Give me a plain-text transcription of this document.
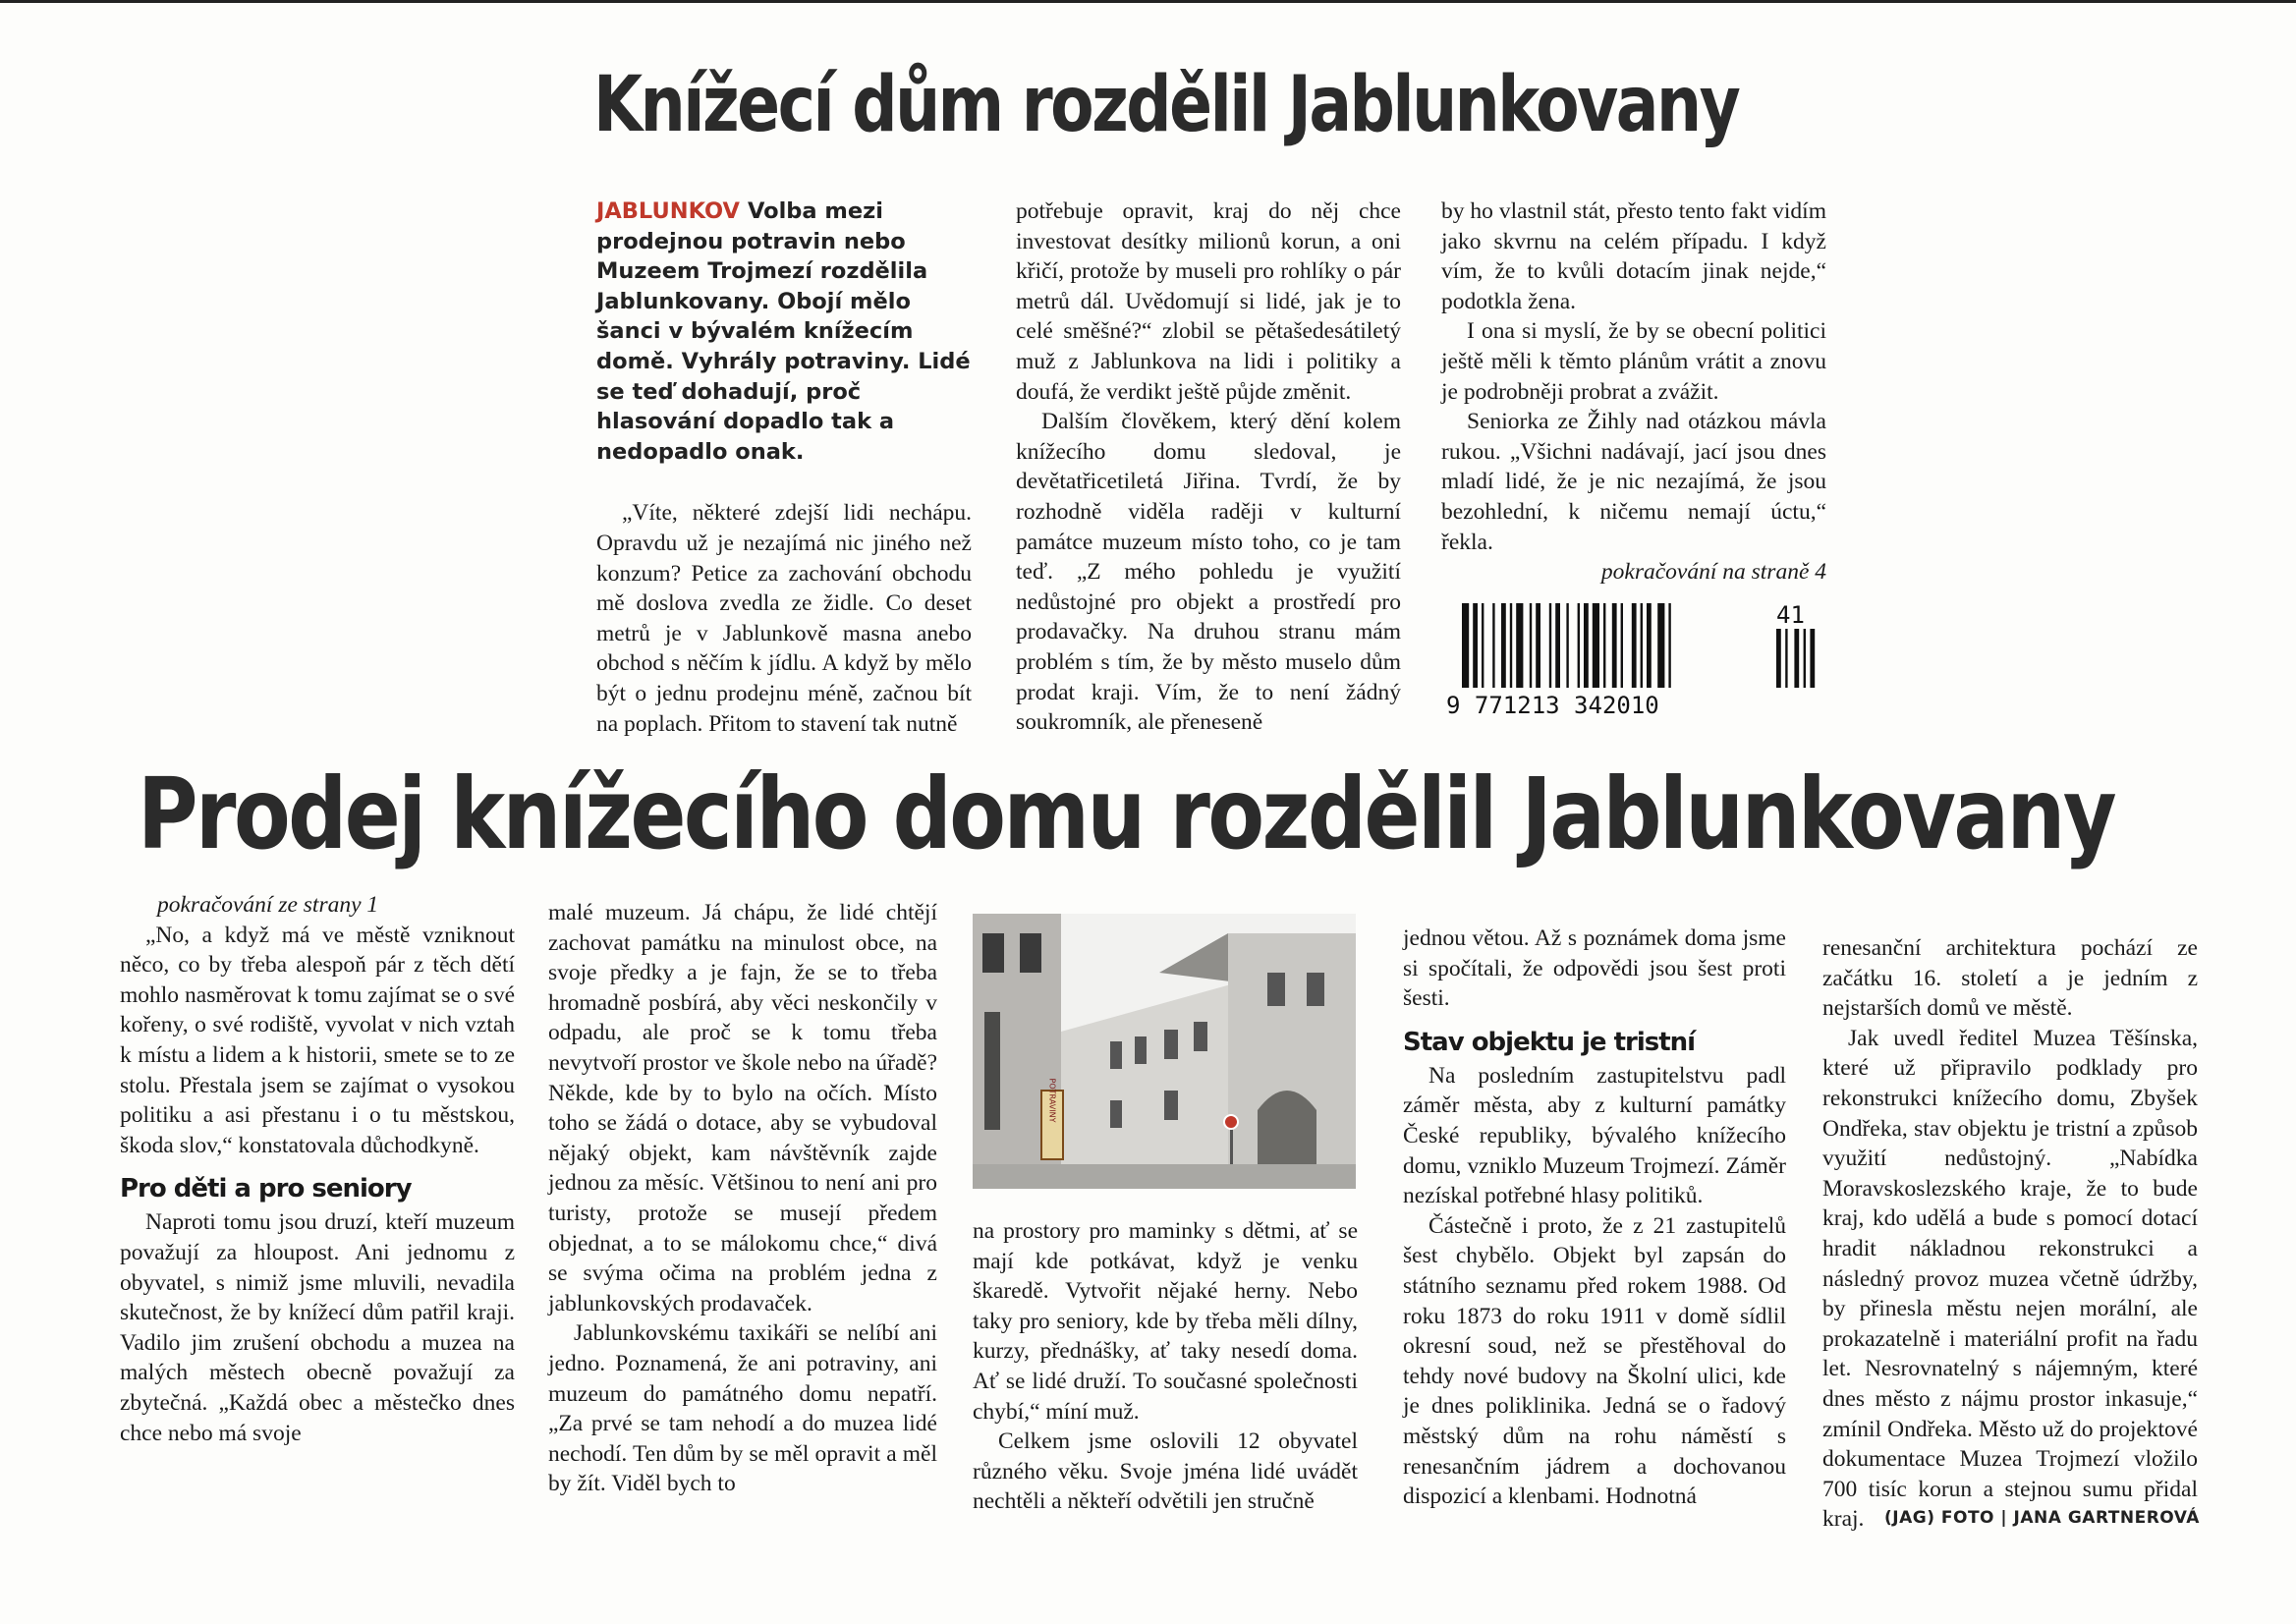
Knížecí dům rozdělil Jablunkovany
JABLUNKOV Volba mezi prodejnou potravin nebo Muzeem Trojmezí rozdělila Jablunkovany. Obojí mělo šanci v bývalém knížecím domě. Vyhrály potraviny. Lidé se teď dohadují, proč hlasování dopadlo tak a nedopadlo onak.

„Víte, některé zdejší lidi nechápu. Opravdu už je nezajímá nic jiného než konzum? Petice za zachování obchodu mě doslova zvedla ze židle. Co deset metrů je v Jablunkově masna anebo obchod s něčím k jídlu. A když by mělo být o jednu prodejnu méně, začnou bít na poplach. Přitom to stavení tak nutně

potřebuje opravit, kraj do něj chce investovat desítky milionů korun, a oni křičí, protože by museli pro rohlíky o pár metrů dál. Uvědomují si lidé, jak je to celé směšné?“ zlobil se pětašedesátiletý muž z Jablunkova na lidi i politiky a doufá, že verdikt ještě půjde změnit.

Dalším člověkem, který dění kolem knížecího domu sledoval, je devětatřicetiletá Jiřina. Tvrdí, že by rozhodně viděla raději v kulturní památce muzeum místo toho, co je tam teď. „Z mého pohledu je využití nedůstojné pro objekt a prostředí pro prodavačky. Na druhou stranu mám problém s tím, že by město muselo dům prodat kraji. Vím, že to není žádný soukromník, ale přeneseně

by ho vlastnil stát, přesto tento fakt vidím jako skvrnu na celém případu. I když vím, že to kvůli dotacím jinak nejde,“ podotkla žena.

I ona si myslí, že by se obecní politici ještě měli k těmto plánům vrátit a znovu je podrobněji probrat a zvážit.

Seniorka ze Žihly nad otázkou mávla rukou. „Všichni nadávají, jací jsou dnes mladí lidé, že je nic nezajímá, že jsou bezohlední, k ničemu nemají úctu,“ řekla.

pokračování na straně 4
9 771213 342010
41
Prodej knížecího domu rozdělil Jablunkovany
pokračování ze strany 1

„No, a když má ve městě vzniknout něco, co by třeba alespoň pár z těch dětí mohlo nasměrovat k tomu zajímat se o své kořeny, o své rodiště, vyvolat v nich vztah k místu a lidem a k historii, smete se to ze stolu. Přestala jsem se zajímat o vysokou politiku a asi přestanu i o tu městskou, škoda slov,“ konstatovala důchodkyně.

Pro děti a pro seniory

Naproti tomu jsou druzí, kteří muzeum považují za hloupost. Ani jednomu z obyvatel, s nimiž jsme mluvili, nevadila skutečnost, že by knížecí dům patřil kraji. Vadilo jim zrušení obchodu a muzea na malých městech obecně považují za zbytečná. „Každá obec a městečko dnes chce nebo má svoje

malé muzeum. Já chápu, že lidé chtějí zachovat památku na minulost obce, na svoje předky a je fajn, že se to třeba hromadně posbírá, aby věci neskončily v odpadu, ale proč se k tomu třeba nevytvoří prostor ve škole nebo na úřadě? Někde, kde by to bylo na očích. Místo toho se žádá o dotace, aby se vybudoval nějaký objekt, kam návštěvník zajde jednou za měsíc. Většinou to není ani pro turisty, protože se musejí předem objednat, a to se málokomu chce,“ divá se svýma očima na problém jedna z jablunkovských prodavaček.

Jablunkovskému taxikáři se nelíbí ani jedno. Poznamená, že ani potraviny, ani muzeum do památného domu nepatří. „Za prvé se tam nehodí a do muzea lidé nechodí. Ten dům by se měl opravit a měl by žít. Viděl bych to

POTRAVINY

na prostory pro maminky s dětmi, ať se mají kde potkávat, když je venku škaredě. Vytvořit nějaké herny. Nebo taky pro seniory, kde by třeba měli dílny, kurzy, přednášky, ať taky nesedí doma. Ať se lidé druží. To současné společnosti chybí,“ míní muž.

Celkem jsme oslovili 12 obyvatel různého věku. Svoje jména lidé uvádět nechtěli a někteří odvětili jen stručně

jednou větou. Až s poznámek doma jsme si spočítali, že odpovědi jsou šest proti šesti.

Stav objektu je tristní

Na posledním zastupitelstvu padl záměr města, aby z kulturní památky České republiky, bývalého knížecího domu, vzniklo Muzeum Trojmezí. Záměr nezískal potřebné hlasy politiků.

Částečně i proto, že z 21 zastupitelů šest chybělo. Objekt byl zapsán do státního seznamu před rokem 1988. Od roku 1873 do roku 1911 v domě sídlil okresní soud, než se přestěhoval do tehdy nové budovy na Školní ulici, kde je dnes poliklinika. Jedná se o řadový městský dům na rohu náměstí s renesančním jádrem a dochovanou dispozicí a klenbami. Hodnotná

renesanční architektura pochází ze začátku 16. století a je jedním z nejstarších domů ve městě.

Jak uvedl ředitel Muzea Těšínska, které už připravilo podklady pro rekonstrukci knížecího domu, Zbyšek Ondřeka, stav objektu je tristní a způsob využití nedůstojný. „Nabídka Moravskoslezského kraje, že to bude kraj, kdo udělá a bude s pomocí dotací hradit nákladnou rekonstrukci a následný provoz muzea včetně údržby, by přinesla městu nejen morální, ale prokazatelně i materiální profit na řadu let. Nesrovnatelný s nájemným, které dnes město z nájmu prostor inkasuje,“ zmínil Ondřeka. Město už do projektové dokumentace Muzea Trojmezí vložilo 700 tisíc korun a stejnou sumu přidal kraj.	(JAG) FOTO | JANA GARTNEROVÁ
